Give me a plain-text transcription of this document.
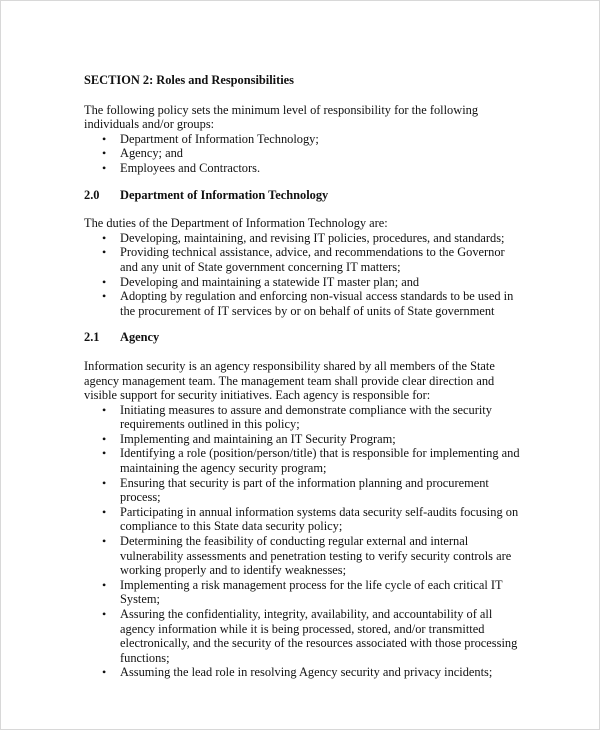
SECTION 2: Roles and Responsibilities

The following policy sets the minimum level of responsibility for the following individuals and/or groups:

• Department of Information Technology;
• Agency; and
• Employees and Contractors.
2.0	Department of Information Technology

The duties of the Department of Information Technology are:

• Developing, maintaining, and revising IT policies, procedures, and standards;
• Providing technical assistance, advice, and recommendations to the Governor and any unit of State government concerning IT matters;
• Developing and maintaining a statewide IT master plan; and
• Adopting by regulation and enforcing non-visual access standards to be used in the procurement of IT services by or on behalf of units of State government
2.1	Agency

Information security is an agency responsibility shared by all members of the State agency management team. The management team shall provide clear direction and visible support for security initiatives. Each agency is responsible for:

• Initiating measures to assure and demonstrate compliance with the security requirements outlined in this policy;
• Implementing and maintaining an IT Security Program;
• Identifying a role (position/person/title) that is responsible for implementing and maintaining the agency security program;
• Ensuring that security is part of the information planning and procurement process;
• Participating in annual information systems data security self-audits focusing on compliance to this State data security policy;
• Determining the feasibility of conducting regular external and internal vulnerability assessments and penetration testing to verify security controls are working properly and to identify weaknesses;
• Implementing a risk management process for the life cycle of each critical IT System;
• Assuring the confidentiality, integrity, availability, and accountability of all agency information while it is being processed, stored, and/or transmitted electronically, and the security of the resources associated with those processing functions;
• Assuming the lead role in resolving Agency security and privacy incidents;
